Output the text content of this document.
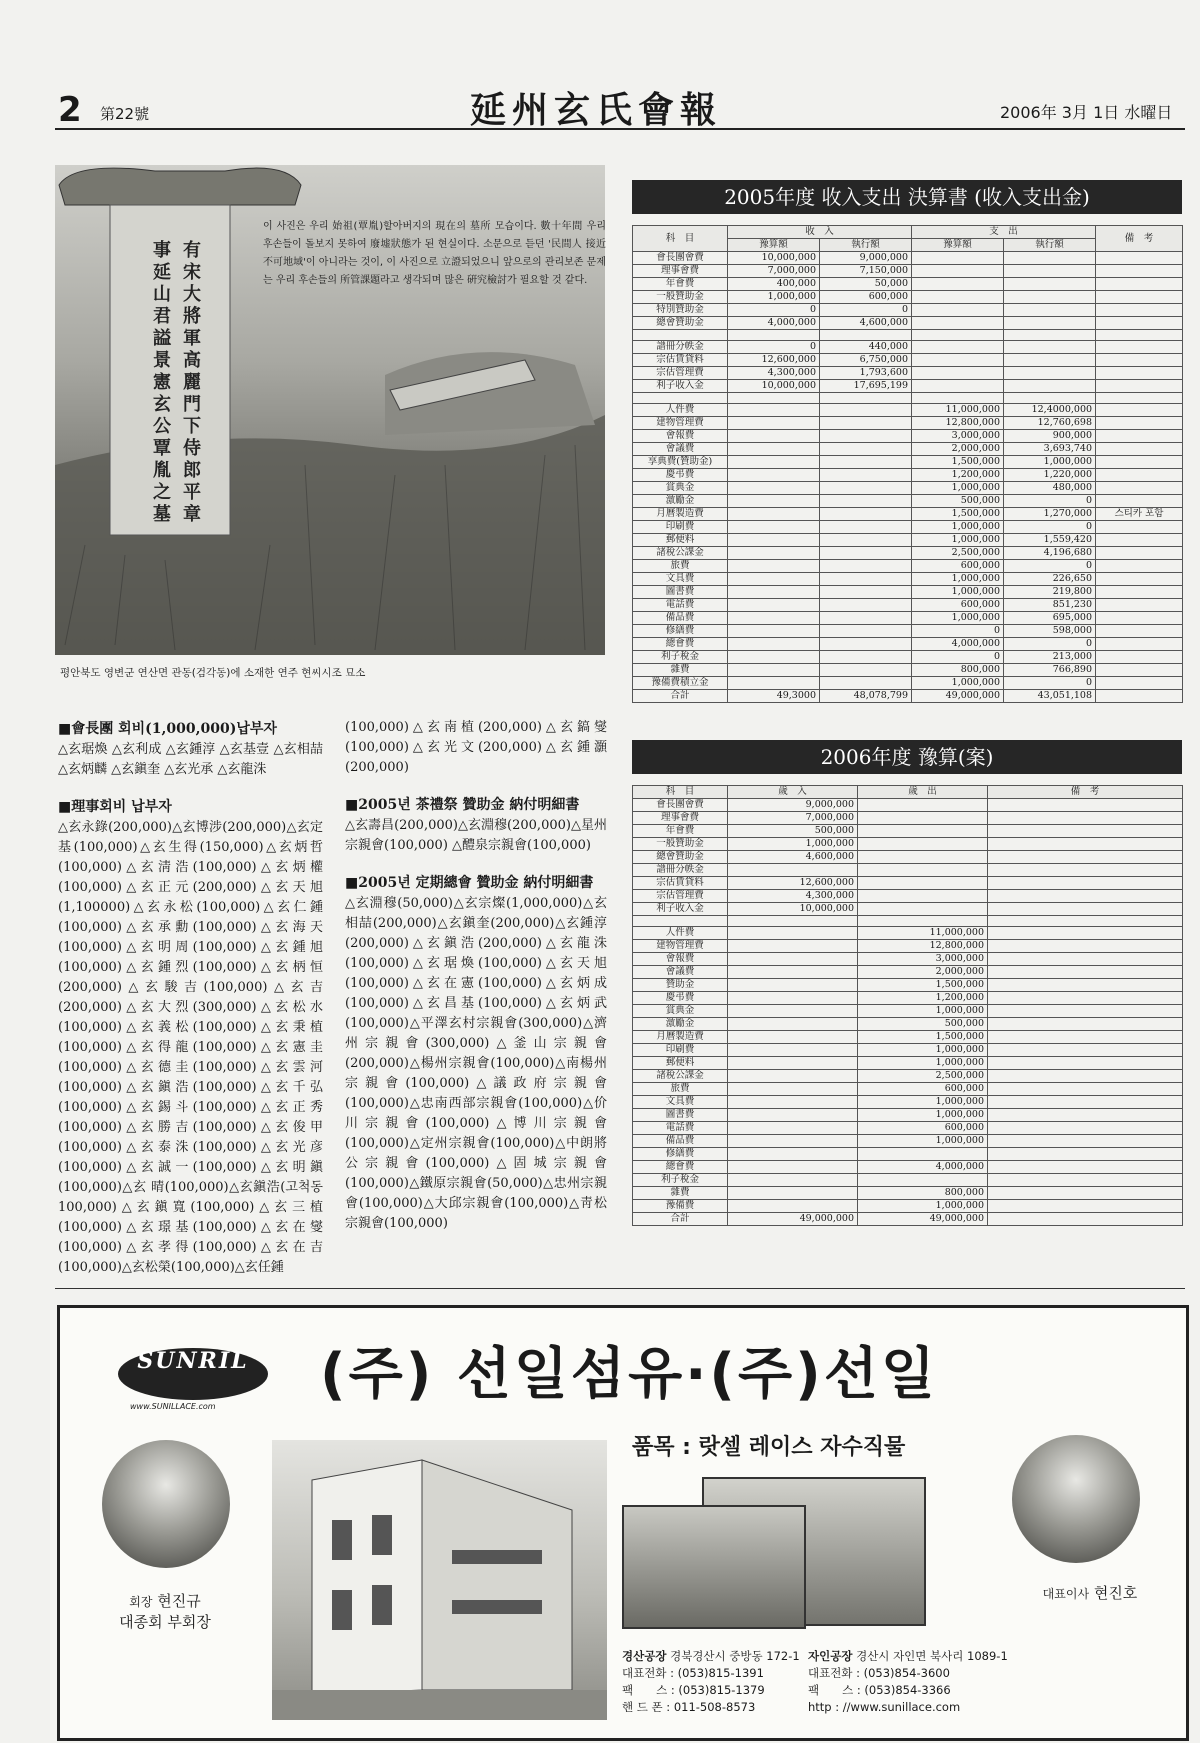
2 第22號	延州玄氏會報	2006年 3月 1日 水曜日
有宋大將軍高麗門下侍郎平章
事延山君謚景憲玄公覃胤之墓
이 사진은 우리 始祖(覃胤)할아버지의 現在의 墓所 모습이다. 數十年間 우리 후손들이 돌보지 못하여 廢墟狀態가 된 현실이다. 소문으로 듣던 '民間人 接近 不可地域'이 아니라는 것이, 이 사진으로 立證되었으니 앞으로의 관리보존 문제는 우리 후손들의 所管課題라고 생각되며 많은 硏究檢討가 필요할 것 같다.
평안북도 영변군 연산면 관동(검각동)에 소재한 연주 현씨시조 묘소
■會長團 회비(1,000,000)납부자

△玄琚煥 △玄利成 △玄鍾淳 △玄基壹 △玄相喆 △玄炳麟 △玄鎭奎 △玄光承 △玄龍洙

■理事회비 납부자

△玄永錄(200,000)△玄博涉(200,000)△玄定基(100,000)△玄生得(150,000)△玄炳哲(100,000)△玄淸浩(100,000)△玄炳權(100,000)△玄正元(200,000)△玄天旭(1,100000)△玄永松(100,000)△玄仁鍾(100,000)△玄承勳(100,000)△玄海天(100,000)△玄明周(100,000)△玄鍾旭(100,000)△玄鍾烈(100,000)△玄柄恒(200,000)△玄駿吉(100,000)△玄吉(200,000)△玄大烈(300,000)△玄松水(100,000)△玄義松(100,000)△玄秉植(100,000)△玄得龍(100,000)△玄憲圭(100,000)△玄德圭(100,000)△玄雲河(100,000)△玄鎭浩(100,000)△玄千弘(100,000)△玄錫斗(100,000)△玄正秀(100,000)△玄勝吉(100,000)△玄俊甲(100,000)△玄泰洙(100,000)△玄光彦(100,000)△玄誠一(100,000)△玄明鎭(100,000)△玄 晴(100,000)△玄鎭浩(고척동100,000)△玄鎭寬(100,000)△玄三植(100,000)△玄璟基(100,000)△玄在燮(100,000)△玄孝得(100,000)△玄在吉(100,000)△玄松榮(100,000)△玄任鍾

(100,000)△玄南植(200,000)△玄鎬燮(100,000)△玄光文(200,000)△玄鍾灝(200,000)

■2005년 茶禮祭 贊助金 納付明細書

△玄壽昌(200,000)△玄淵穆(200,000)△星州宗親會(100,000) △醴泉宗親會(100,000)

■2005년 定期總會 贊助金 納付明細書

△玄淵穆(50,000)△玄宗燦(1,000,000)△玄相喆(200,000)△玄鎭奎(200,000)△玄鍾淳(200,000)△玄鎭浩(200,000)△玄龍洙(100,000)△玄琚煥(100,000)△玄天旭(100,000)△玄在憲(100,000)△玄炳成(100,000)△玄昌基(100,000)△玄炳武(100,000)△平澤玄村宗親會(300,000)△濟州宗親會(300,000)△釜山宗親會(200,000)△楊州宗親會(100,000)△南楊州宗親會(100,000)△議政府宗親會(100,000)△忠南西部宗親會(100,000)△价川宗親會(100,000)△博川宗親會(100,000)△定州宗親會(100,000)△中朗將公宗親會(100,000)△固城宗親會(100,000)△鐵原宗親會(50,000)△忠州宗親會(100,000)△大邱宗親會(100,000)△靑松宗親會(100,000)

2005年度 收入支出 決算書 (收入支出金)
科　目	收　入		支　出		備　考
	豫算額	執行額	豫算額	執行額	
會長團會費	10,000,000	9,000,000			
理事會費	7,000,000	7,150,000			
年會費	400,000	50,000			
一般贊助金	1,000,000	600,000			
特別贊助金	0	0			
總會贊助金	4,000,000	4,600,000			

譜冊分帙金	0	440,000			
宗估賃貸料	12,600,000	6,750,000			
宗估管理費	4,300,000	1,793,600			
利子收入金	10,000,000	17,695,199			

人件費			11,000,000	12,4000,000	
建物管理費			12,800,000	12,760,698	
會報費			3,000,000	900,000	
會議費			2,000,000	3,693,740	
享典費(贊助金)			1,500,000	1,000,000	
慶弔費			1,200,000	1,220,000	
賞典金			1,000,000	480,000	
激勵金			500,000	0	
月曆製造費			1,500,000	1,270,000	스티카 포함
印刷費			1,000,000	0	
郵便料			1,000,000	1,559,420	
諸稅公課金			2,500,000	4,196,680	
旅費			600,000	0	
文具費			1,000,000	226,650	
圖書費			1,000,000	219,800	
電話費			600,000	851,230	
備品費			1,000,000	695,000	
修繕費			0	598,000	
總會費			4,000,000	0	
利子稅金			0	213,000	
雜費			800,000	766,890	
豫備費積立金			1,000,000	0	
合計	49,3000	48,078,799	49,000,000	43,051,108	
2006年度 豫算(案)
科　目	歲　入	歲　出	備　考
會長團會費	9,000,000		
理事會費	7,000,000		
年會費	500,000		
一般贊助金	1,000,000		
總會贊助金	4,600,000		
譜冊分帙金			
宗估賃貸料	12,600,000		
宗估管理費	4,300,000		
利子收入金	10,000,000		

人件費		11,000,000	
建物管理費		12,800,000	
會報費		3,000,000	
會議費		2,000,000	
贊助金		1,500,000	
慶弔費		1,200,000	
賞典金		1,000,000	
激勵金		500,000	
月曆製造費		1,500,000	
印刷費		1,000,000	
郵便料		1,000,000	
諸稅公課金		2,500,000	
旅費		600,000	
文具費		1,000,000	
圖書費		1,000,000	
電話費		600,000	
備品費		1,000,000	
修繕費			
總會費		4,000,000	
利子稅金			
雜費		800,000	
豫備費		1,000,000	
合計	49,000,000	49,000,000	
SUNRIL
www.SUNILLACE.com (주) 선일섬유·(주)선일
회장 현진규
대종회 부회장
품목 : 랏셀 레이스 자수직물
대표이사 현진호
경산공장 경북경산시 중방동 172-1
대표전화 : (053)815-1391
팩　　스 : (053)815-1379
핸 드 폰 : 011-508-8573
자인공장 경산시 자인면 북사리 1089-1
대표전화 : (053)854-3600
팩　　스 : (053)854-3366
http : //www.sunillace.com
